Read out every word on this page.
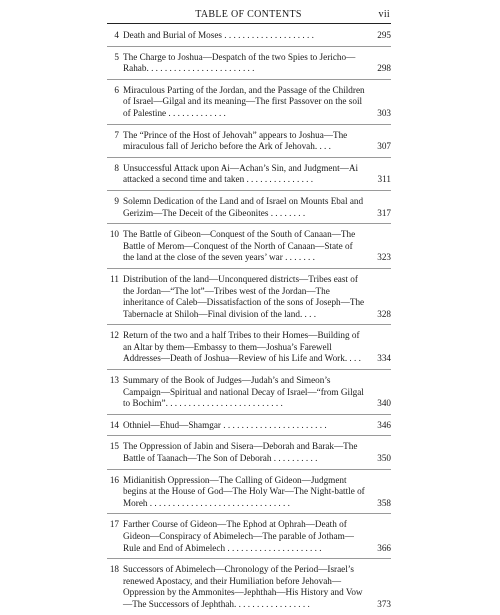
TABLE OF CONTENTS	vii
4 Death and Burial of Moses . . . . . . . . . . . . . . . . . . . .	295
5 The Charge to Joshua—Despatch of the two Spies to Jericho—Rahab. . . . . . . . . . . . . . . . . . . . . . . .	298
6 Miraculous Parting of the Jordan, and the Passage of the Children of Israel—Gilgal and its meaning—The first Passover on the soil of Palestine . . . . . . . . . . . . .	303
7 The “Prince of the Host of Jehovah” appears to Joshua—The miraculous fall of Jericho before the Ark of Jehovah. . . .	307
8 Unsuccessful Attack upon Ai—Achan’s Sin, and Judgment—Ai attacked a second time and taken . . . . . . . . . . . . . . .	311
9 Solemn Dedication of the Land and of Israel on Mounts Ebal and Gerizim—The Deceit of the Gibeonites . . . . . . . .	317
10 The Battle of Gibeon—Conquest of the South of Canaan—The Battle of Merom—Conquest of the North of Canaan—State of the land at the close of the seven years’ war . . . . . . .	323
11 Distribution of the land—Unconquered districts—Tribes east of the Jordan—“The lot”—Tribes west of the Jordan—The inheritance of Caleb—Dissatisfaction of the sons of Joseph—The Tabernacle at Shiloh—Final division of the land. . . .	328
12 Return of the two and a half Tribes to their Homes—Building of an Altar by them—Embassy to them—Joshua’s Farewell Addresses—Death of Joshua—Review of his Life and Work. . . .	334
13 Summary of the Book of Judges—Judah’s and Simeon’s Campaign—Spiritual and national Decay of Israel—“from Gilgal to Bochim”. . . . . . . . . . . . . . . . . . . . . . . . . .	340
14 Othniel—Ehud—Shamgar . . . . . . . . . . . . . . . . . . . . . . .	346
15 The Oppression of Jabin and Sisera—Deborah and Barak—The Battle of Taanach—The Son of Deborah . . . . . . . . . .	350
16 Midianitish Oppression—The Calling of Gideon—Judgment begins at the House of God—The Holy War—The Night-battle of Moreh . . . . . . . . . . . . . . . . . . . . . . . . . . . . . . .	358
17 Farther Course of Gideon—The Ephod at Ophrah—Death of Gideon—Conspiracy of Abimelech—The parable of Jotham—Rule and End of Abimelech . . . . . . . . . . . . . . . . . . . . .	366
18 Successors of Abimelech—Chronology of the Period—Israel’s renewed Apostacy, and their Humiliation before Jehovah—Oppression by the Ammonites—Jephthah—His History and Vow—The Successors of Jephthah. . . . . . . . . . . . . . . . .	373
